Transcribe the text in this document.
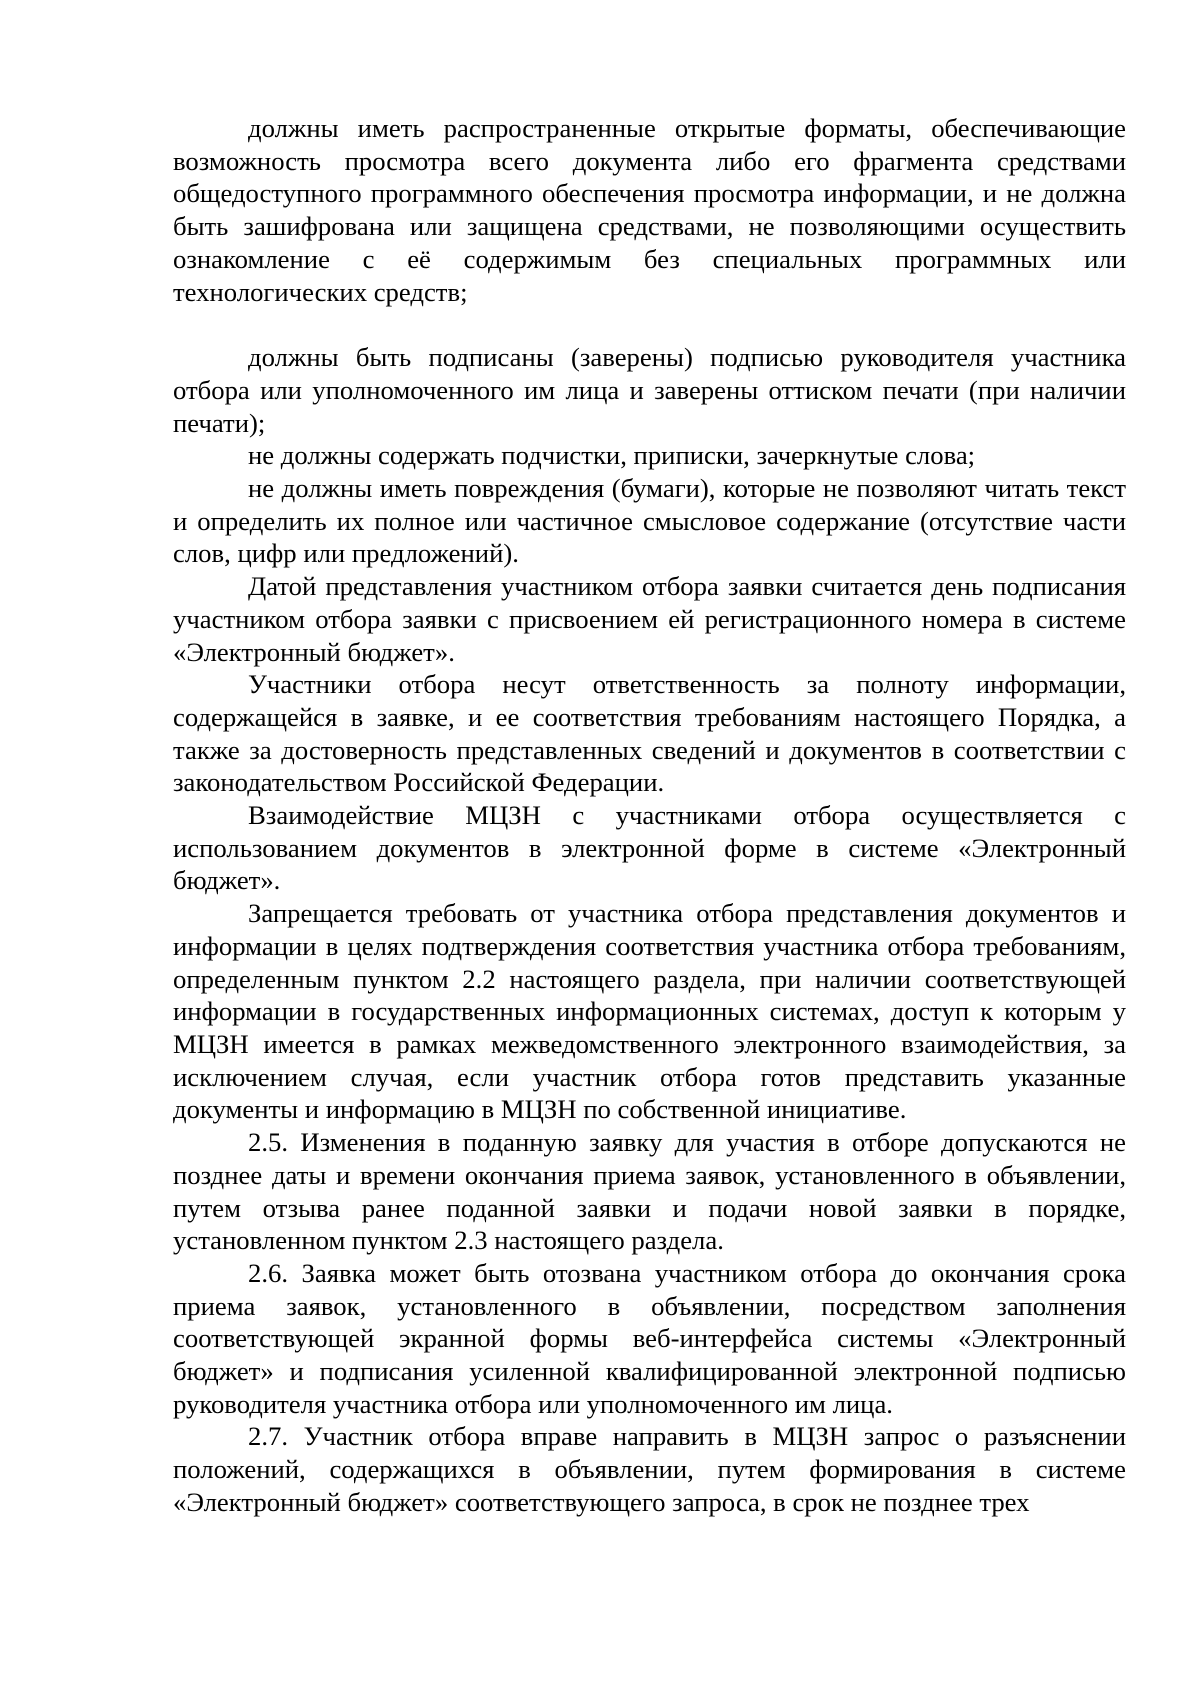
должны иметь распространенные открытые форматы, обеспечивающие возможность просмотра всего документа либо его фрагмента средствами общедоступного программного обеспечения просмотра информации, и не должна быть зашифрована или защищена средствами, не позволяющими осуществить ознакомление с её содержимым без специальных программных или технологических средств;

должны быть подписаны (заверены) подписью руководителя участника отбора или уполномоченного им лица и заверены оттиском печати (при наличии печати);

не должны содержать подчистки, приписки, зачеркнутые слова;

не должны иметь повреждения (бумаги), которые не позволяют читать текст и определить их полное или частичное смысловое содержание (отсутствие части слов, цифр или предложений).

Датой представления участником отбора заявки считается день подписания участником отбора заявки с присвоением ей регистрационного номера в системе «Электронный бюджет».

Участники отбора несут ответственность за полноту информации, содержащейся в заявке, и ее соответствия требованиям настоящего Порядка, а также за достоверность представленных сведений и документов в соответствии с законодательством Российской Федерации.

Взаимодействие МЦЗН с участниками отбора осуществляется с использованием документов в электронной форме в системе «Электронный бюджет».

Запрещается требовать от участника отбора представления документов и информации в целях подтверждения соответствия участника отбора требованиям, определенным пунктом 2.2 настоящего раздела, при наличии соответствующей информации в государственных информационных системах, доступ к которым у МЦЗН имеется в рамках межведомственного электронного взаимодействия, за исключением случая, если участник отбора готов представить указанные документы и информацию в МЦЗН по собственной инициативе.

2.5. Изменения в поданную заявку для участия в отборе допускаются не позднее даты и времени окончания приема заявок, установленного в объявлении, путем отзыва ранее поданной заявки и подачи новой заявки в порядке, установленном пунктом 2.3 настоящего раздела.

2.6. Заявка может быть отозвана участником отбора до окончания срока приема заявок, установленного в объявлении, посредством заполнения соответствующей экранной формы веб-интерфейса системы «Электронный бюджет» и подписания усиленной квалифицированной электронной подписью руководителя участника отбора или уполномоченного им лица.

2.7. Участник отбора вправе направить в МЦЗН запрос о разъяснении положений, содержащихся в объявлении, путем формирования в системе «Электронный бюджет» соответствующего запроса, в срок не позднее трех
